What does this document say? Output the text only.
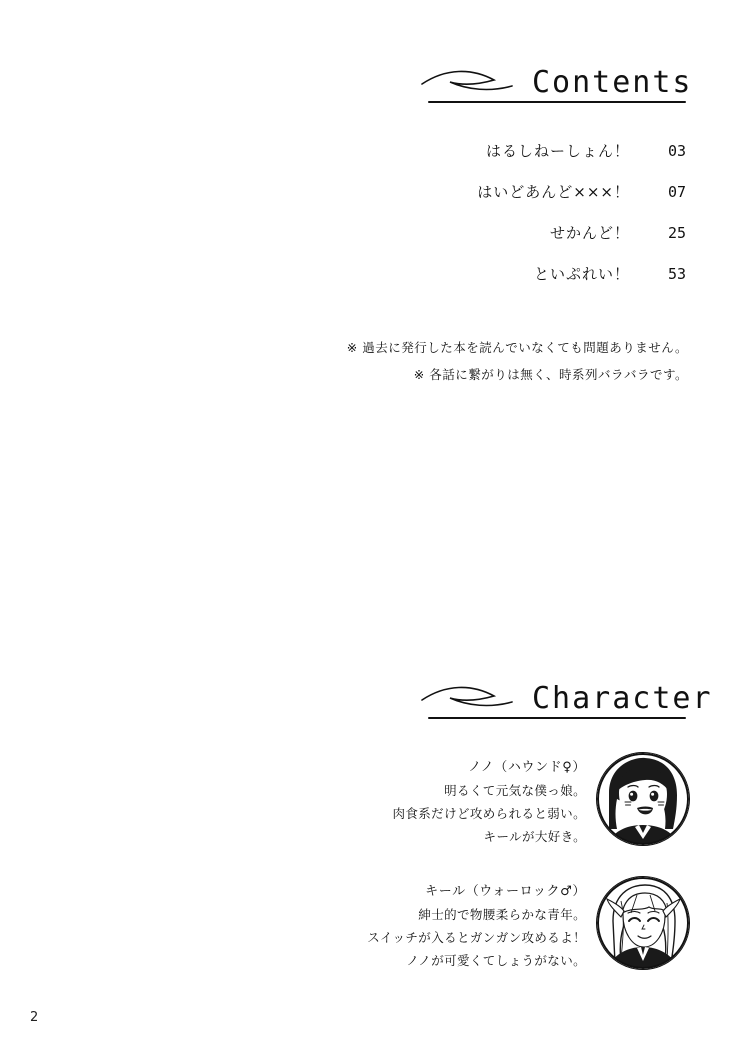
Contents
はるしねーしょん！	03
はいどあんど×××！	07
せかんど！	25
といぷれい！	53
※ 過去に発行した本を読んでいなくても問題ありません。
※ 各話に繋がりは無く、時系列バラバラです。
Character
ノノ（ハウンド♀）
明るくて元気な僕っ娘。
肉食系だけど攻められると弱い。
キールが大好き。
キール（ウォーロック♂）
紳士的で物腰柔らかな青年。
スイッチが入るとガンガン攻めるよ！
ノノが可愛くてしょうがない。
2
